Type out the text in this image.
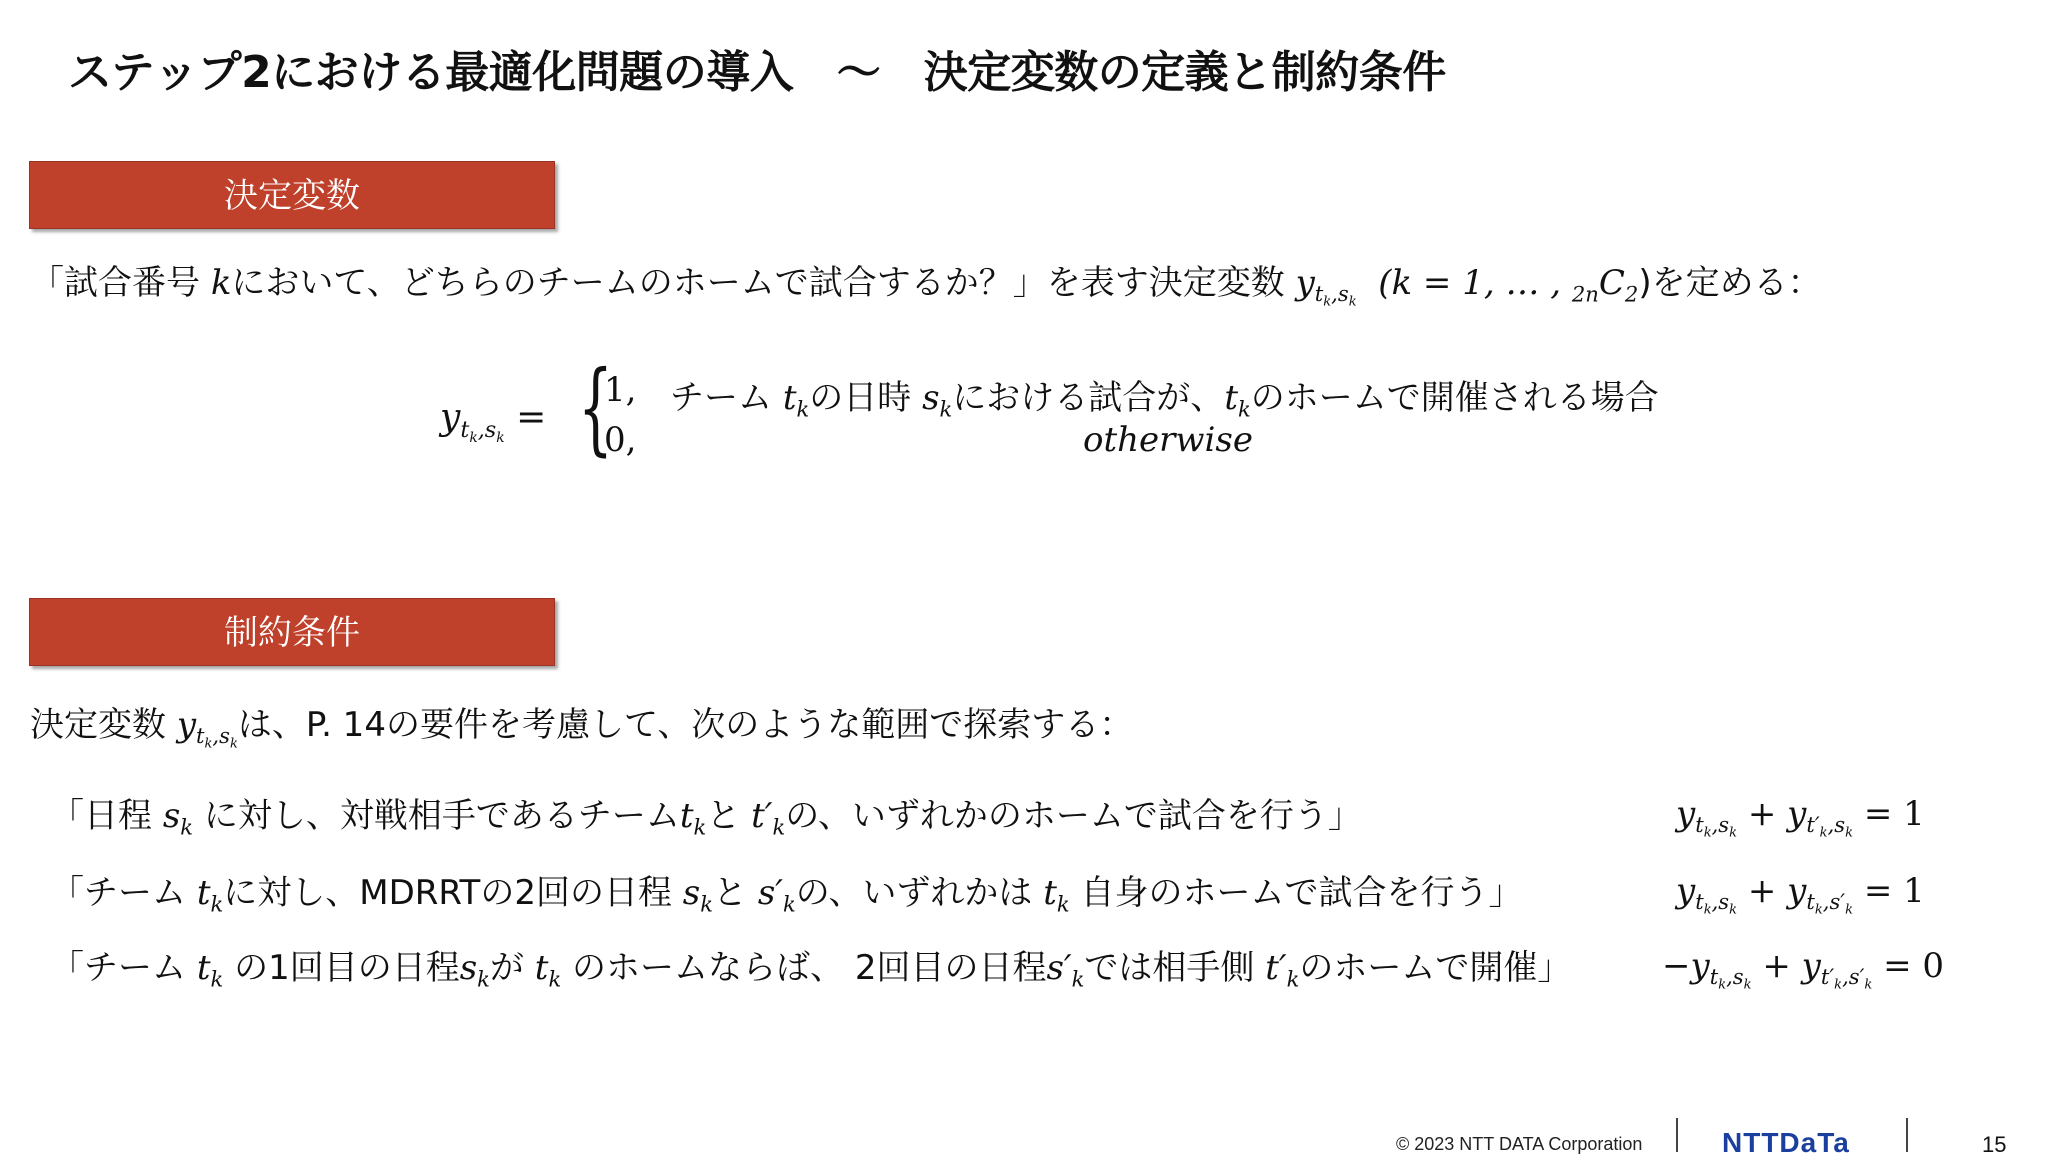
ステップ2における最適化問題の導入　～　決定変数の定義と制約条件
決定変数
「試合番号 kにおいて、どちらのチームのホームで試合するか？」を表す決定変数 $y_{t_k,s_k}$ (k = 1, … , $_{2n}C_2$)を定める：
$y_{t_k,s_k}$ = {
1,
0,
チーム $t_k$の日時 $s_k$における試合が、$t_k$のホームで開催される場合
otherwise
制約条件
決定変数 $y_{t_k,s_k}$は、P. 14の要件を考慮して、次のような範囲で探索する：
「日程 $s_k$ に対し、対戦相手であるチーム$t_k$と $t'_k$の、いずれかのホームで試合を行う」	$y_{t_k,s_k} + y_{t'_k,s_k} = 1$
「チーム $t_k$に対し、MDRRTの2回の日程 $s_k$と $s'_k$の、いずれかは $t_k$ 自身のホームで試合を行う」	$y_{t_k,s_k} + y_{t_k,s'_k} = 1$
「チーム $t_k$ の1回目の日程$s_k$が $t_k$ のホームならば、 2回目の日程$s'_k$では相手側 $t'_k$のホームで開催」	$-y_{t_k,s_k} + y_{t'_k,s'_k} = 0$
© 2023 NTT DATA Corporation	NTTDaTa	15
